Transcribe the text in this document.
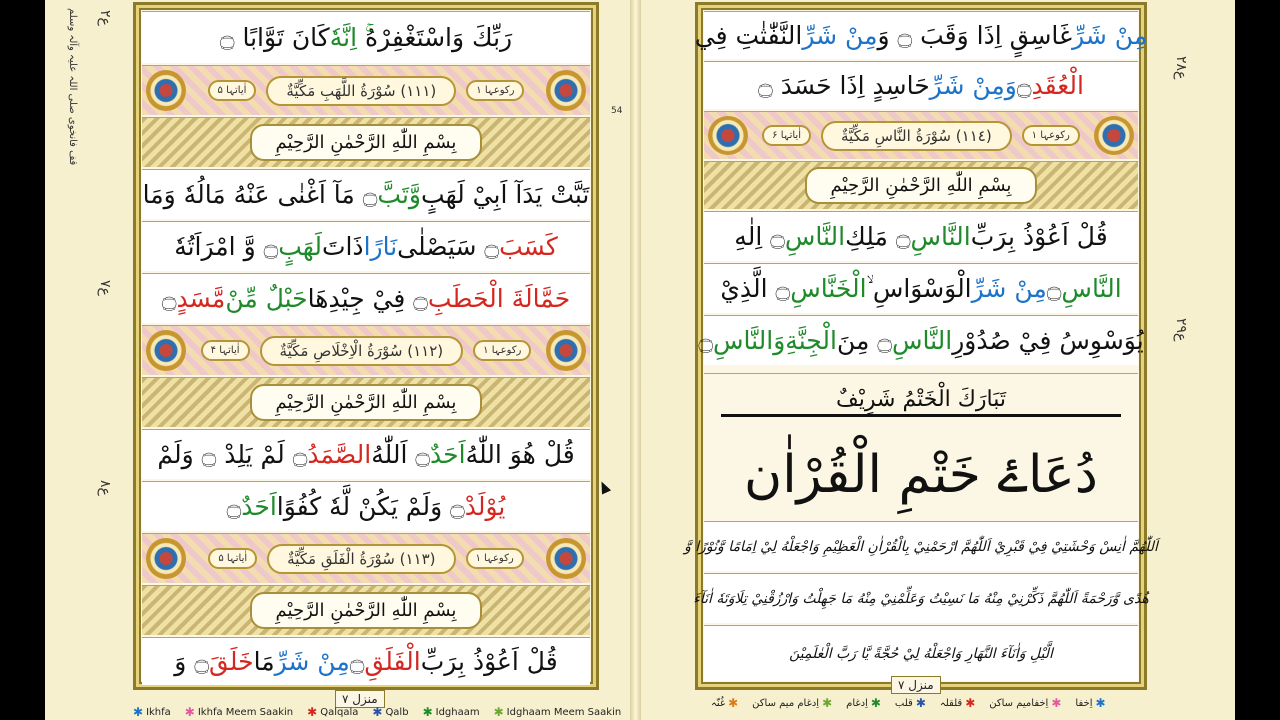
قف فانخوی صلی اللہ علیہ وآلہ وسلم ع۲
ع۷
ع۸
54
رَبِّكَ وَاسْتَغْفِرْهُ
ۚ اِنَّهٗ
كَانَ تَوَّابًا ۝
اٰیاتہا ۵	(١١١) سُوْرَةُ اللَّهَبِ مَكِّيَّةٌ	رکوعہا ١
بِسْمِ اللّٰهِ الرَّحْمٰنِ الرَّحِيْمِ
تَبَّتْ يَدَآ اَبِيْ لَهَبٍ
وَّتَبَّ
۝ مَآ اَغْنٰى عَنْهُ مَالُهٗ وَمَا
كَسَبَ
۝ سَيَصْلٰى
نَارًا
ذَاتَ
لَهَبٍ
۝ وَّ امْرَاَتُهٗ
حَمَّالَةَ الْحَطَبِ
۝ فِيْ جِيْدِهَا
حَبْلٌ مِّنْ
مَّسَدٍ
۝
اٰیاتہا ۴	(١١٢) سُوْرَةُ الْاِخْلَاصِ مَكِّيَّةٌ	رکوعہا ١
بِسْمِ اللّٰهِ الرَّحْمٰنِ الرَّحِيْمِ
قُلْ هُوَ اللّٰهُ
اَحَدٌ
۝ اَللّٰهُ
الصَّمَدُ
۝ لَمْ يَلِدْ ۝ وَلَمْ
يُوْلَدْ
۝ وَلَمْ يَكُنْ لَّهٗ كُفُوًا
اَحَدٌ
۝
اٰیاتہا ۵	(١١٣) سُوْرَةُ الْفَلَقِ مَكِّيَّةٌ	رکوعہا ١
بِسْمِ اللّٰهِ الرَّحْمٰنِ الرَّحِيْمِ
قُلْ اَعُوْذُ بِرَبِّ
الْفَلَقِ
۝
مِنْ شَرِّ
مَا
خَلَقَ
۝ وَ
منزل ۷
✱ Ikhfa ✱ Ikhfa Meem Saakin ✱ Qalqala ✱ Qalb ✱ Idghaam ✱ Idghaam Meem Saakin
ع۲۸
ع۲۹
مِنْ شَرِّ
غَاسِقٍ اِذَا وَقَبَ ۝ وَ
مِنْ شَرِّ
النَّفّٰثٰتِ فِي
الْعُقَدِ
۝
وَمِنْ شَرِّ
حَاسِدٍ اِذَا حَسَدَ ۝
اٰیاتہا ۶	(١١٤) سُوْرَةُ النَّاسِ مَكِّيَّةٌ	رکوعہا ١
بِسْمِ اللّٰهِ الرَّحْمٰنِ الرَّحِيْمِ
قُلْ اَعُوْذُ بِرَبِّ
النَّاسِ
۝ مَلِكِ
النَّاسِ
۝ اِلٰهِ
النَّاسِ
۝
مِنْ شَرِّ
الْوَسْوَاسِ ۙ
الْخَنَّاسِ
۝ الَّذِيْ
يُوَسْوِسُ فِيْ صُدُوْرِ
النَّاسِ
۝ مِنَ
الْجِنَّةِ
وَالنَّاسِ
۝
تَبَارَكَ الْخَتْمُ شَرِيْفٌ
دُعَاۓ خَتْمِ الْقُرْاٰن
اَللّٰهُمَّ اٰنِسْ وَحْشَتِيْ فِيْ قَبْرِيْ اَللّٰهُمَّ ارْحَمْنِيْ بِالْقُرْاٰنِ الْعَظِيْمِ وَاجْعَلْهُ لِيْ اِمَامًا وَّنُوْرًا وَّ
هُدًى وَّرَحْمَةً اَللّٰهُمَّ ذَكِّرْنِيْ مِنْهُ مَا نَسِيْتُ وَعَلِّمْنِيْ مِنْهُ مَا جَهِلْتُ وَارْزُقْنِيْ تِلَاوَتَهٗ اٰنَآءَ
الَّيْلِ وَاٰنَآءَ النَّهَارِ وَاجْعَلْهُ لِيْ حُجَّةً يَّا رَبَّ الْعٰلَمِيْنَ
منزل ۷
✱
اِخفا
✱
اِخفامیم ساکن
✱
قلقلہ
✱
قلب
✱
اِدغام
✱
اِدغام میم ساکن
✱
غُنّہ
